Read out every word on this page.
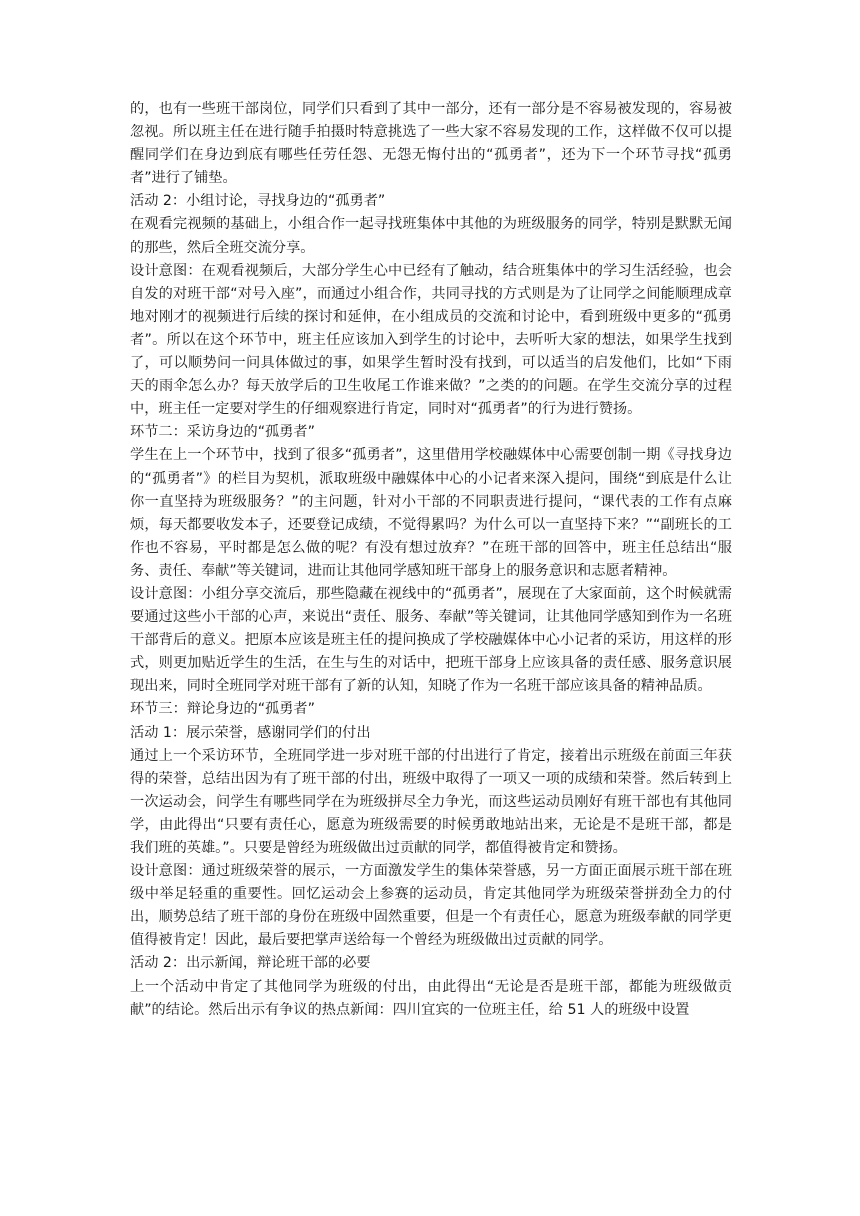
的，也有一些班干部岗位，同学们只看到了其中一部分，还有一部分是不容易被发现的，容易被忽视。所以班主任在进行随手拍摄时特意挑选了一些大家不容易发现的工作，这样做不仅可以提醒同学们在身边到底有哪些任劳任怨、无怨无悔付出的“孤勇者”，还为下一个环节寻找“孤勇者”进行了铺垫。

活动 2：小组讨论，寻找身边的“孤勇者”

在观看完视频的基础上，小组合作一起寻找班集体中其他的为班级服务的同学，特别是默默无闻的那些，然后全班交流分享。

设计意图：在观看视频后，大部分学生心中已经有了触动，结合班集体中的学习生活经验，也会自发的对班干部“对号入座”，而通过小组合作，共同寻找的方式则是为了让同学之间能顺理成章地对刚才的视频进行后续的探讨和延伸，在小组成员的交流和讨论中，看到班级中更多的“孤勇者”。所以在这个环节中，班主任应该加入到学生的讨论中，去听听大家的想法，如果学生找到了，可以顺势问一问具体做过的事，如果学生暂时没有找到，可以适当的启发他们，比如“下雨天的雨伞怎么办？每天放学后的卫生收尾工作谁来做？”之类的的问题。在学生交流分享的过程中，班主任一定要对学生的仔细观察进行肯定，同时对“孤勇者”的行为进行赞扬。

环节二：采访身边的“孤勇者”

学生在上一个环节中，找到了很多“孤勇者”，这里借用学校融媒体中心需要创制一期《寻找身边的“孤勇者”》的栏目为契机，派取班级中融媒体中心的小记者来深入提问，围绕“到底是什么让你一直坚持为班级服务？”的主问题，针对小干部的不同职责进行提问，“课代表的工作有点麻烦，每天都要收发本子，还要登记成绩，不觉得累吗？为什么可以一直坚持下来？”“副班长的工作也不容易，平时都是怎么做的呢？有没有想过放弃？”在班干部的回答中，班主任总结出“服务、责任、奉献”等关键词，进而让其他同学感知班干部身上的服务意识和志愿者精神。

设计意图：小组分享交流后，那些隐藏在视线中的“孤勇者”，展现在了大家面前，这个时候就需要通过这些小干部的心声，来说出“责任、服务、奉献”等关键词，让其他同学感知到作为一名班干部背后的意义。把原本应该是班主任的提问换成了学校融媒体中心小记者的采访，用这样的形式，则更加贴近学生的生活，在生与生的对话中，把班干部身上应该具备的责任感、服务意识展现出来，同时全班同学对班干部有了新的认知，知晓了作为一名班干部应该具备的精神品质。

环节三：辩论身边的“孤勇者”

活动 1：展示荣誉，感谢同学们的付出

通过上一个采访环节，全班同学进一步对班干部的付出进行了肯定，接着出示班级在前面三年获得的荣誉，总结出因为有了班干部的付出，班级中取得了一项又一项的成绩和荣誉。然后转到上一次运动会，问学生有哪些同学在为班级拼尽全力争光，而这些运动员刚好有班干部也有其他同学，由此得出“只要有责任心，愿意为班级需要的时候勇敢地站出来，无论是不是班干部，都是我们班的英雄。”。只要是曾经为班级做出过贡献的同学，都值得被肯定和赞扬。

设计意图：通过班级荣誉的展示，一方面激发学生的集体荣誉感，另一方面正面展示班干部在班级中举足轻重的重要性。回忆运动会上参赛的运动员，肯定其他同学为班级荣誉拼劲全力的付出，顺势总结了班干部的身份在班级中固然重要，但是一个有责任心，愿意为班级奉献的同学更值得被肯定！因此，最后要把掌声送给每一个曾经为班级做出过贡献的同学。

活动 2：出示新闻，辩论班干部的必要

上一个活动中肯定了其他同学为班级的付出，由此得出“无论是否是班干部，都能为班级做贡献”的结论。然后出示有争议的热点新闻：四川宜宾的一位班主任，给 51 人的班级中设置
